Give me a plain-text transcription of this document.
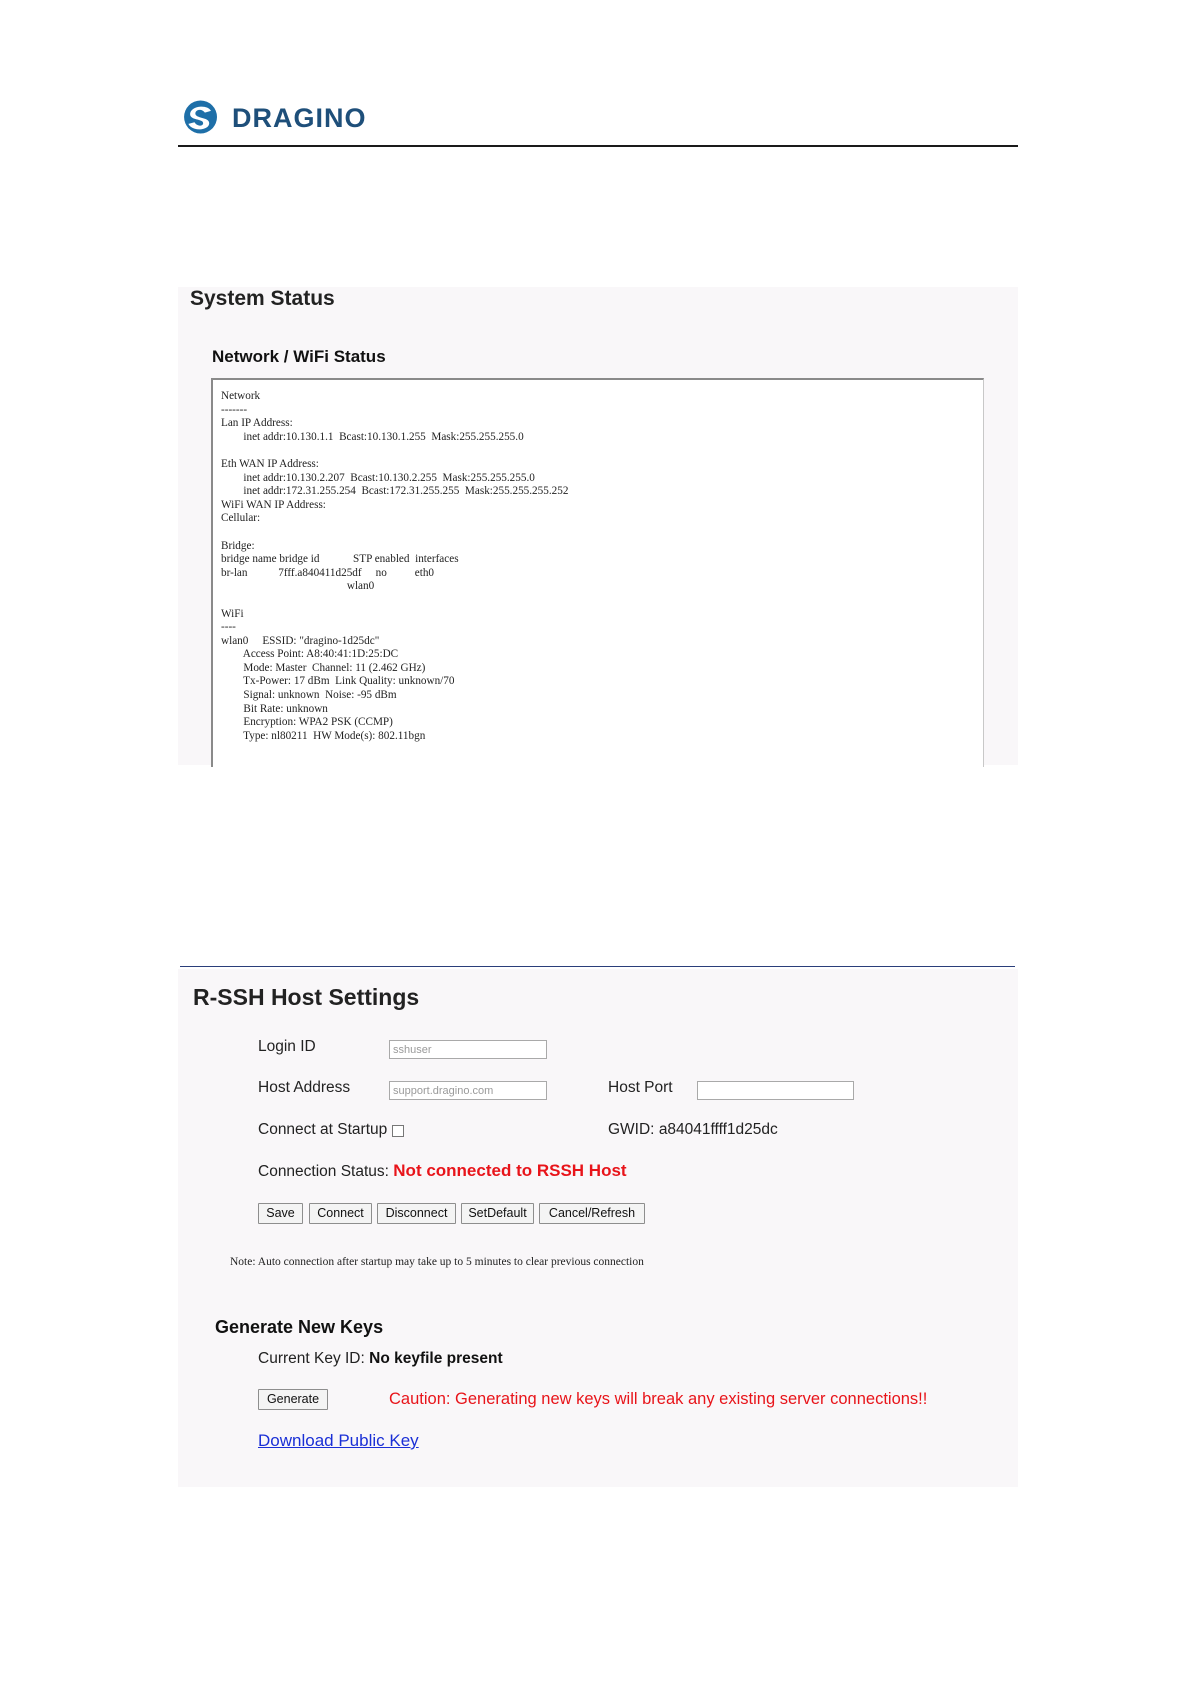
DRAGINO
System Status
Network / WiFi Status
Network
-------
Lan IP Address:
inet addr:10.130.1.1  Bcast:10.130.1.255  Mask:255.255.255.0

Eth WAN IP Address:
inet addr:10.130.2.207  Bcast:10.130.2.255  Mask:255.255.255.0
inet addr:172.31.255.254  Bcast:172.31.255.255  Mask:255.255.255.252
WiFi WAN IP Address:
Cellular:

Bridge:
bridge name bridge id            STP enabled  interfaces
br-lan           7fff.a840411d25df     no          eth0
wlan0

WiFi
----
wlan0     ESSID: "dragino-1d25dc"
Access Point: A8:40:41:1D:25:DC
Mode: Master  Channel: 11 (2.462 GHz)
Tx-Power: 17 dBm  Link Quality: unknown/70
Signal: unknown  Noise: -95 dBm
Bit Rate: unknown
Encryption: WPA2 PSK (CCMP)
Type: nl80211  HW Mode(s): 802.11bgn
R-SSH Host Settings
Login ID	sshuser
Host Address	support.dragino.com	Host Port
Connect at Startup	GWID: a84041ffff1d25dc
Connection Status: Not connected to RSSH Host
Save	Connect	Disconnect	SetDefault	Cancel/Refresh
Note: Auto connection after startup may take up to 5 minutes to clear previous connection
Generate New Keys
Current Key ID: No keyfile present
Generate	Caution: Generating new keys will break any existing server connections!!
Download Public Key
